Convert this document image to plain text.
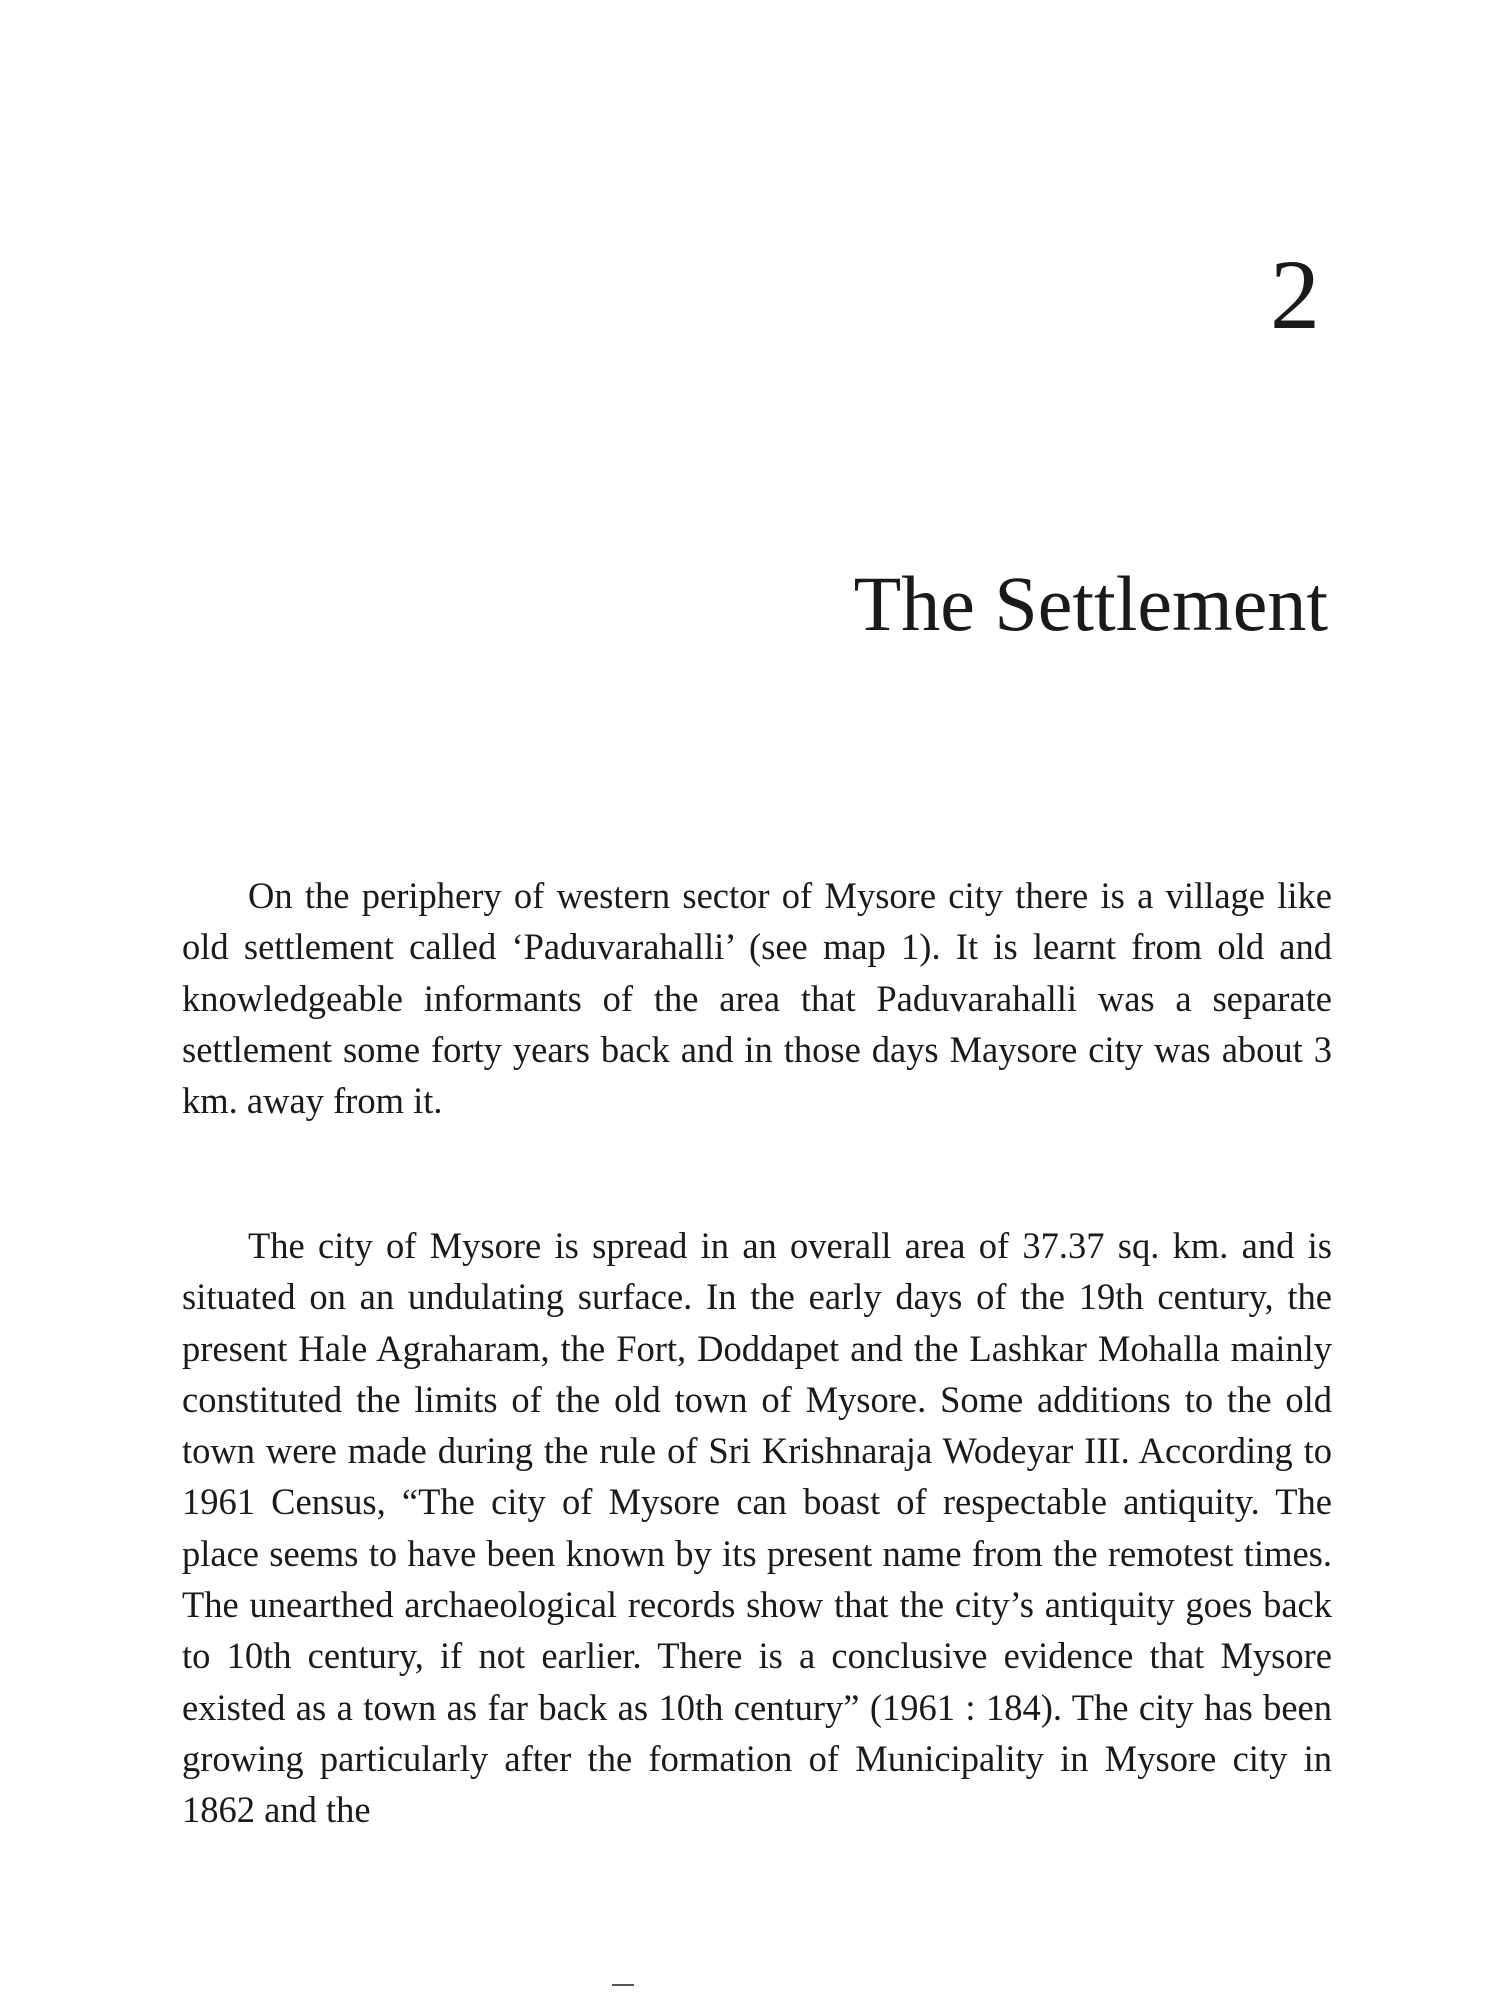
2
The Settlement

On the periphery of western sector of Mysore city there is a village like old settlement called ‘Paduvarahalli’ (see map 1). It is learnt from old and knowledgeable informants of the area that Paduvarahalli was a separate settlement some forty years back and in those days Maysore city was about 3 km. away from it.

The city of Mysore is spread in an overall area of 37.37 sq. km. and is situated on an undulating surface. In the early days of the 19th century, the present Hale Agraharam, the Fort, Doddapet and the Lashkar Mohalla mainly constituted the limits of the old town of Mysore. Some additions to the old town were made during the rule of Sri Krishnaraja Wodeyar III. According to 1961 Census, “The city of Mysore can boast of respectable antiquity. The place seems to have been known by its present name from the remotest times. The unearthed archaeological records show that the city’s antiquity goes back to 10th century, if not earlier. There is a conclusive evidence that Mysore existed as a town as far back as 10th century” (1961 : 184). The city has been growing particularly after the formation of Municipality in Mysore city in 1862 and the
